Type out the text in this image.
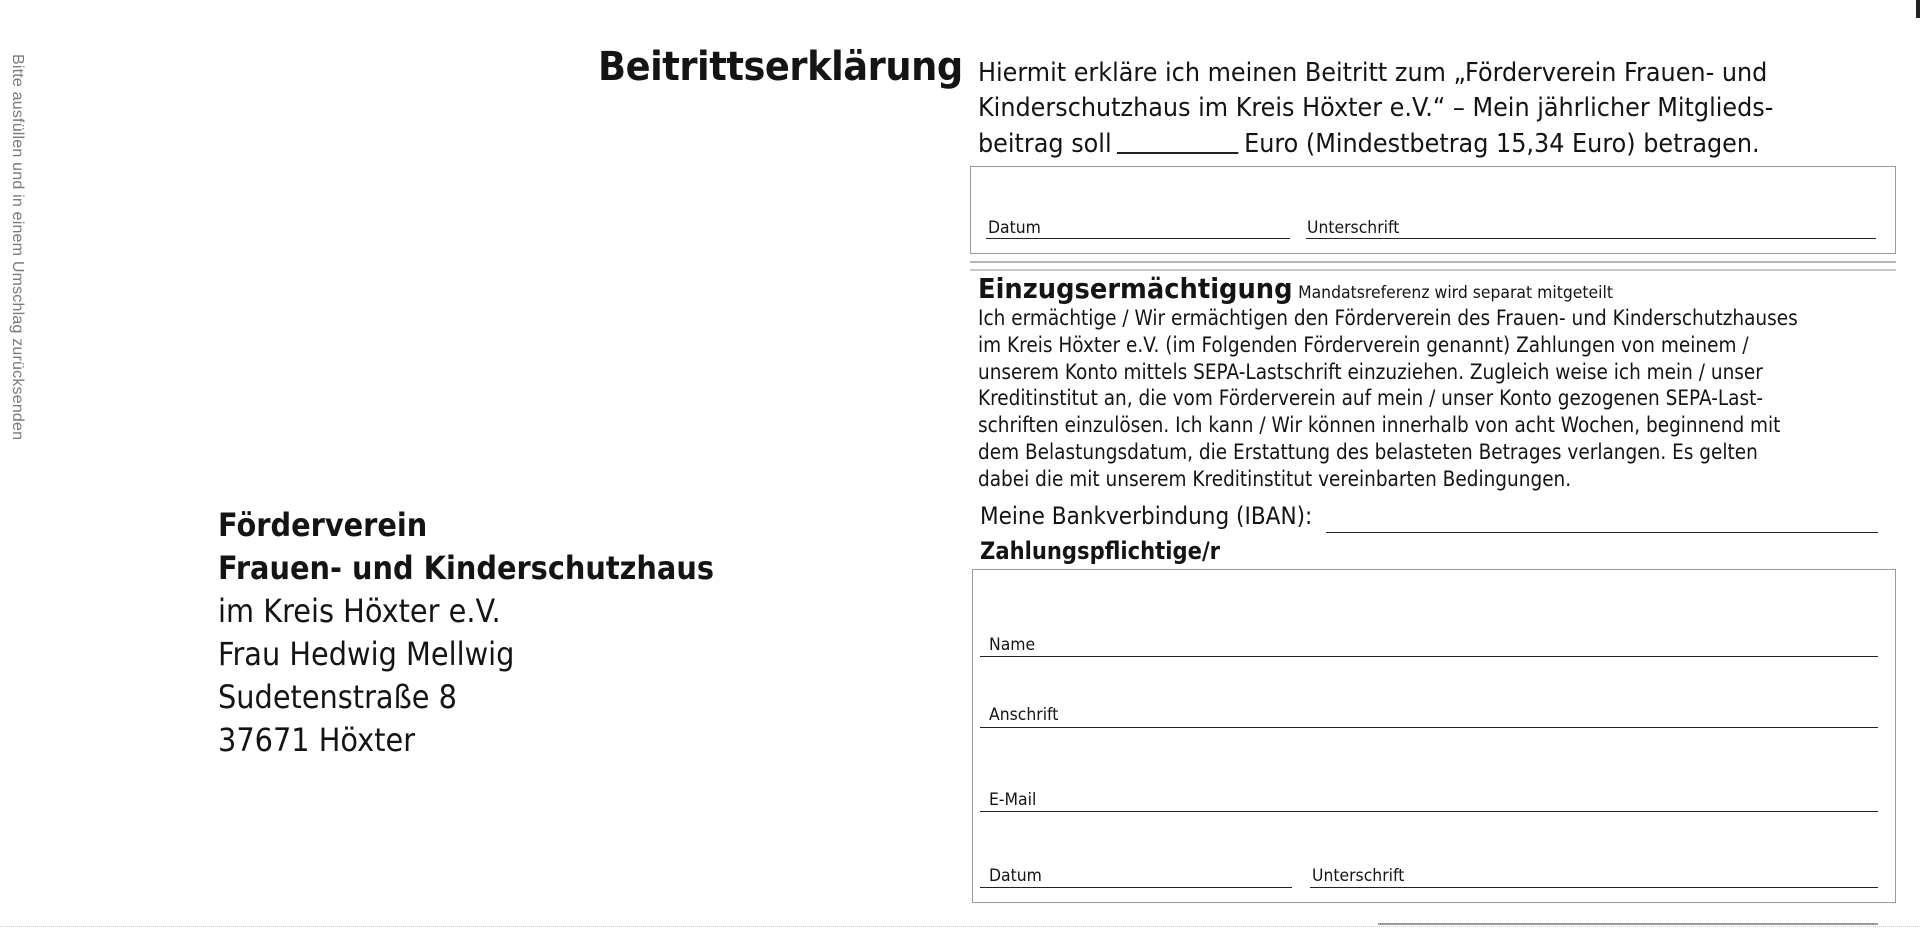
Bitte ausfüllen und in einem Umschlag zurücksenden	Beitrittserklärung
Förderverein
Frauen- und Kinderschutzhaus
im Kreis Höxter e.V.
Frau Hedwig Mellwig
Sudetenstraße 8
37671 Höxter
Hiermit erkläre ich meinen Beitritt zum „Förderverein Frauen- und
Kinderschutzhaus im Kreis Höxter e.V.“ – Mein jährlicher Mitglieds-
beitrag soll	Euro (Mindestbetrag 15,34 Euro) betragen.
Datum	Unterschrift
Einzugsermächtigung Mandatsreferenz wird separat mitgeteilt
Ich ermächtige / Wir ermächtigen den Förderverein des Frauen- und Kinderschutzhauses
im Kreis Höxter e.V. (im Folgenden Förderverein genannt) Zahlungen von meinem /
unserem Konto mittels SEPA-Lastschrift einzuziehen. Zugleich weise ich mein / unser
Kreditinstitut an, die vom Förderverein auf mein / unser Konto gezogenen SEPA-Last-
schriften einzulösen. Ich kann / Wir können innerhalb von acht Wochen, beginnend mit
dem Belastungsdatum, die Erstattung des belasteten Betrages verlangen. Es gelten
dabei die mit unserem Kreditinstitut vereinbarten Bedingungen.
Meine Bankverbindung (IBAN):
Zahlungspflichtige/r
Name
Anschrift
E-Mail
Datum	Unterschrift
